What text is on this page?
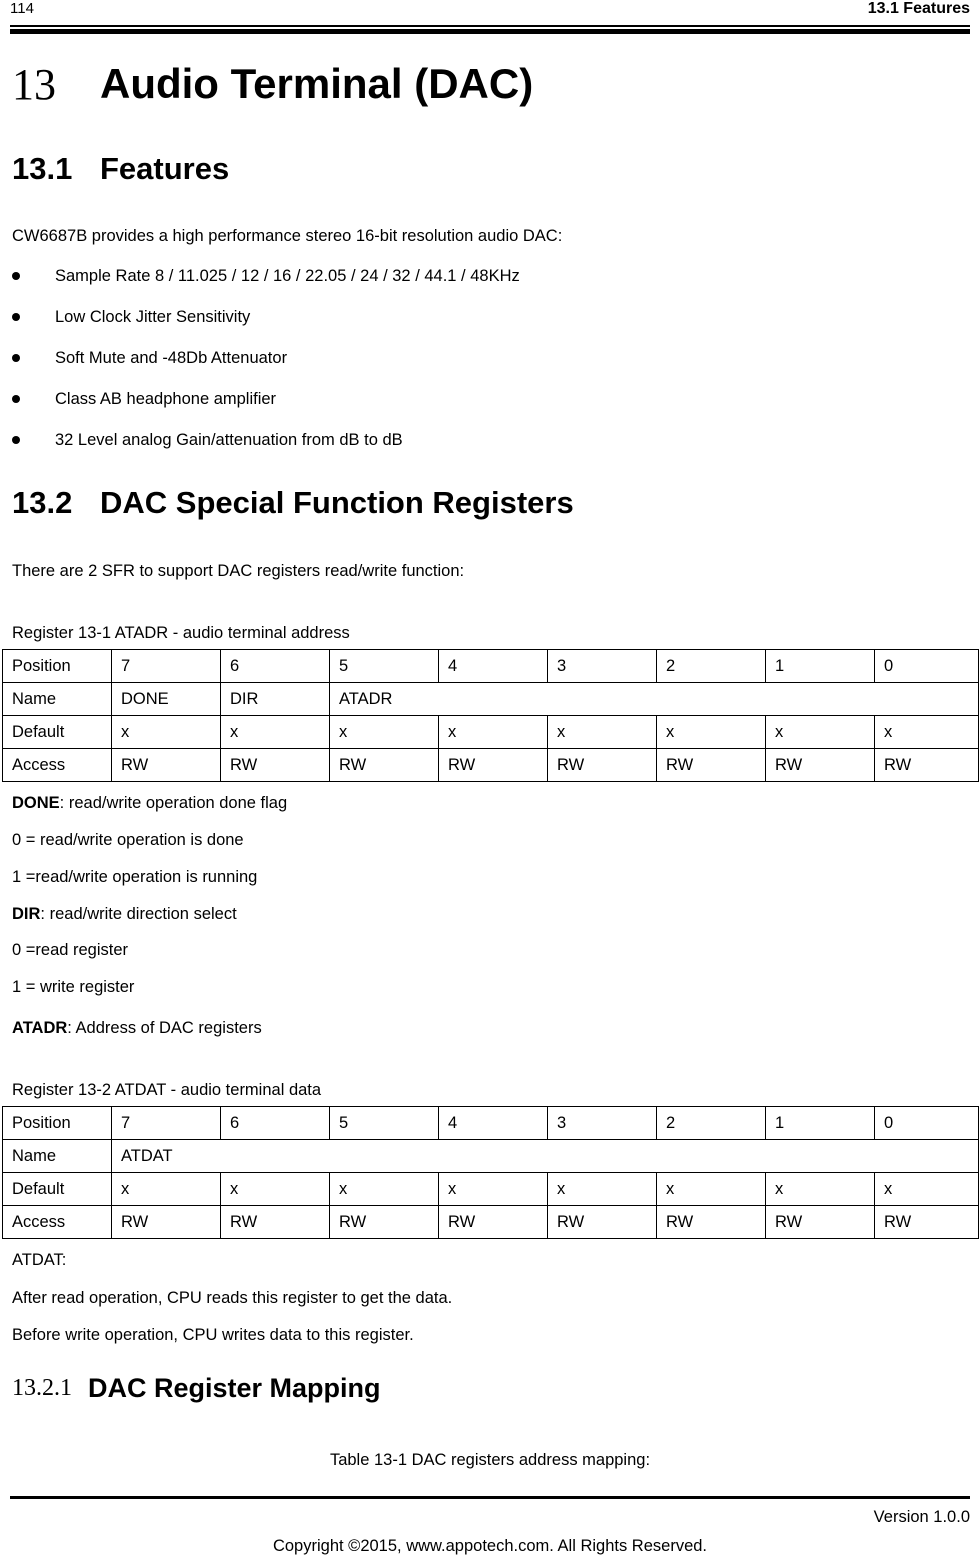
114	13.1 Features
13 Audio Terminal (DAC)
13.1 Features
CW6687B provides a high performance stereo 16-bit resolution audio DAC:
Sample Rate 8 / 11.025 / 12 / 16 / 22.05 / 24 / 32 / 44.1 / 48KHz
Low Clock Jitter Sensitivity
Soft Mute and -48Db Attenuator
Class AB headphone amplifier
32 Level analog Gain/attenuation from dB to dB
13.2 DAC Special Function Registers
There are 2 SFR to support DAC registers read/write function:
Register 13-1 ATADR - audio terminal address
Position	7	6	5	4	3	2	1	0
Name	DONE	DIR	ATADR					
Default	x	x	x	x	x	x	x	x
Access	RW	RW	RW	RW	RW	RW	RW	RW
DONE: read/write operation done flag
0 = read/write operation is done
1 =read/write operation is running
DIR: read/write direction select
0 =read register
1 = write register
ATADR: Address of DAC registers
Register 13-2 ATDAT - audio terminal data
Position	7	6	5	4	3	2	1	0
Name	ATDAT							
Default	x	x	x	x	x	x	x	x
Access	RW	RW	RW	RW	RW	RW	RW	RW
ATDAT:
After read operation, CPU reads this register to get the data.
Before write operation, CPU writes data to this register.
13.2.1 DAC Register Mapping
Table 13-1 DAC registers address mapping:
Version 1.0.0
Copyright ©2015, www.appotech.com. All Rights Reserved.
